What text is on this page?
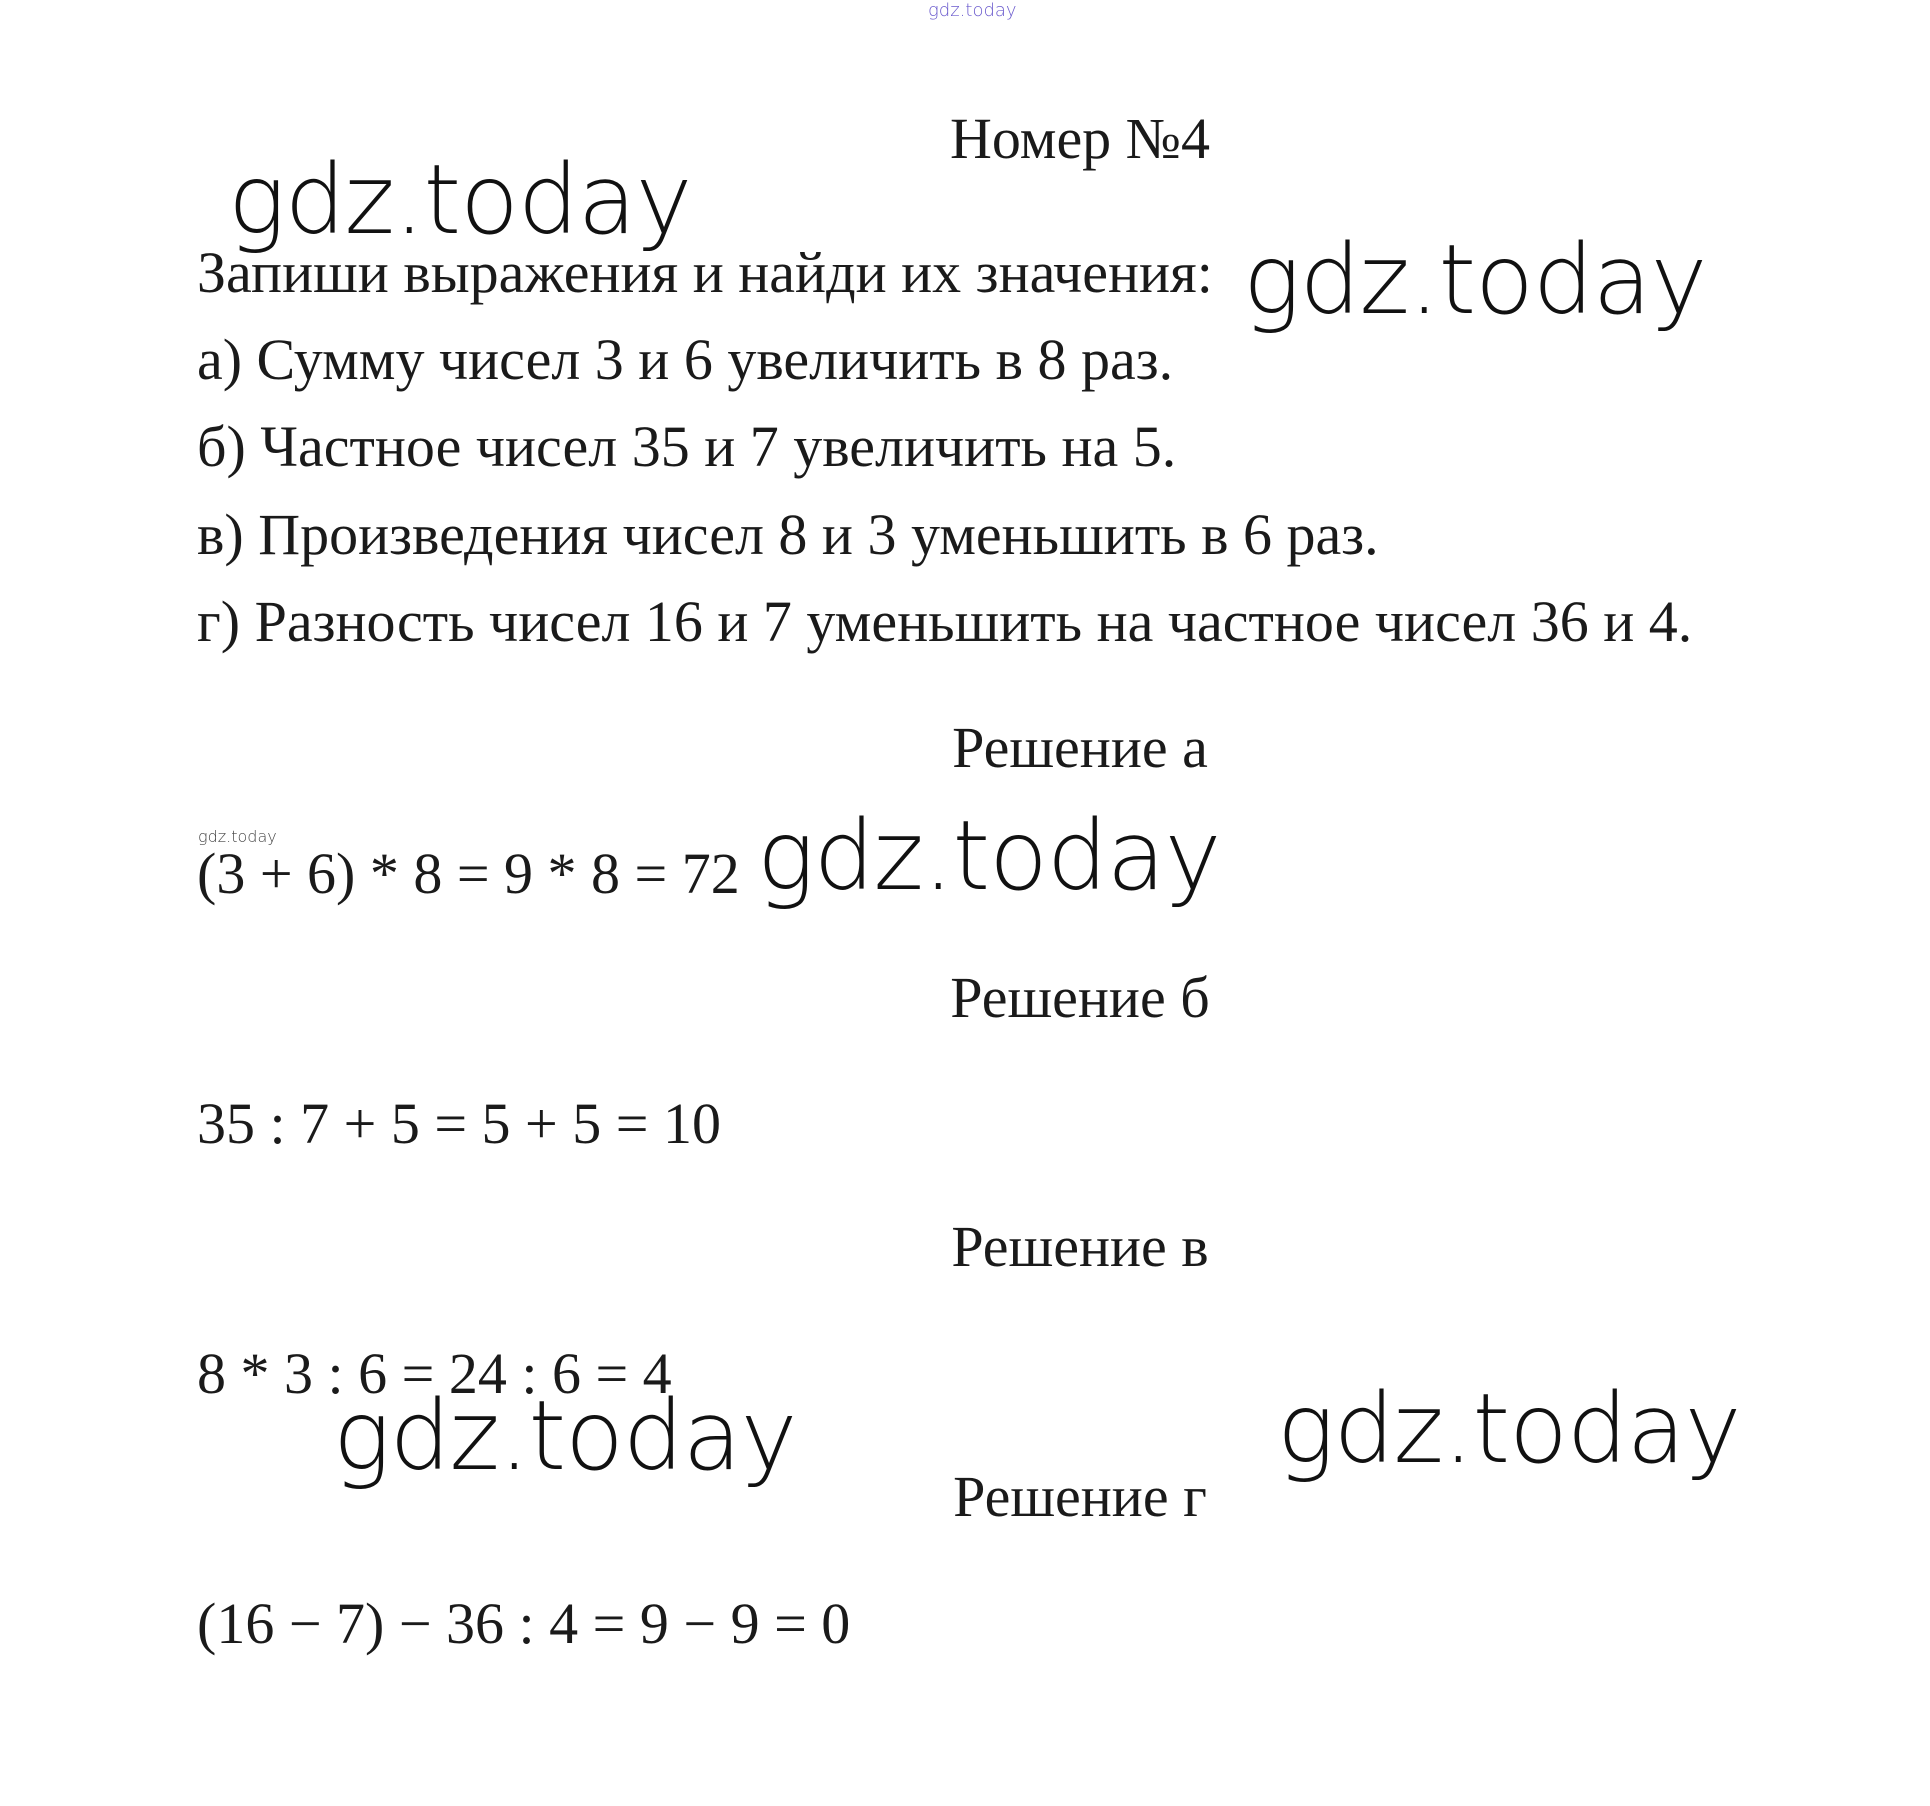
gdz.today
Номер №4
gdz.today
Запиши выражения и найди их значения: gdz.today
а) Сумму чисел 3 и 6 увеличить в 8 раз.
б) Частное чисел 35 и 7 увеличить на 5.
в) Произведения чисел 8 и 3 уменьшить в 6 раз.
г) Разность чисел 16 и 7 уменьшить на частное чисел 36 и 4.
Решение а
gdz.today
(3 + 6) * 8 = 9 * 8 = 72 gdz.today
Решение б
35 : 7 + 5 = 5 + 5 = 10
Решение в
8 * 3 : 6 = 24 : 6 = 4
gdz.today	gdz.today
Решение г
(16 − 7) − 36 : 4 = 9 − 9 = 0
